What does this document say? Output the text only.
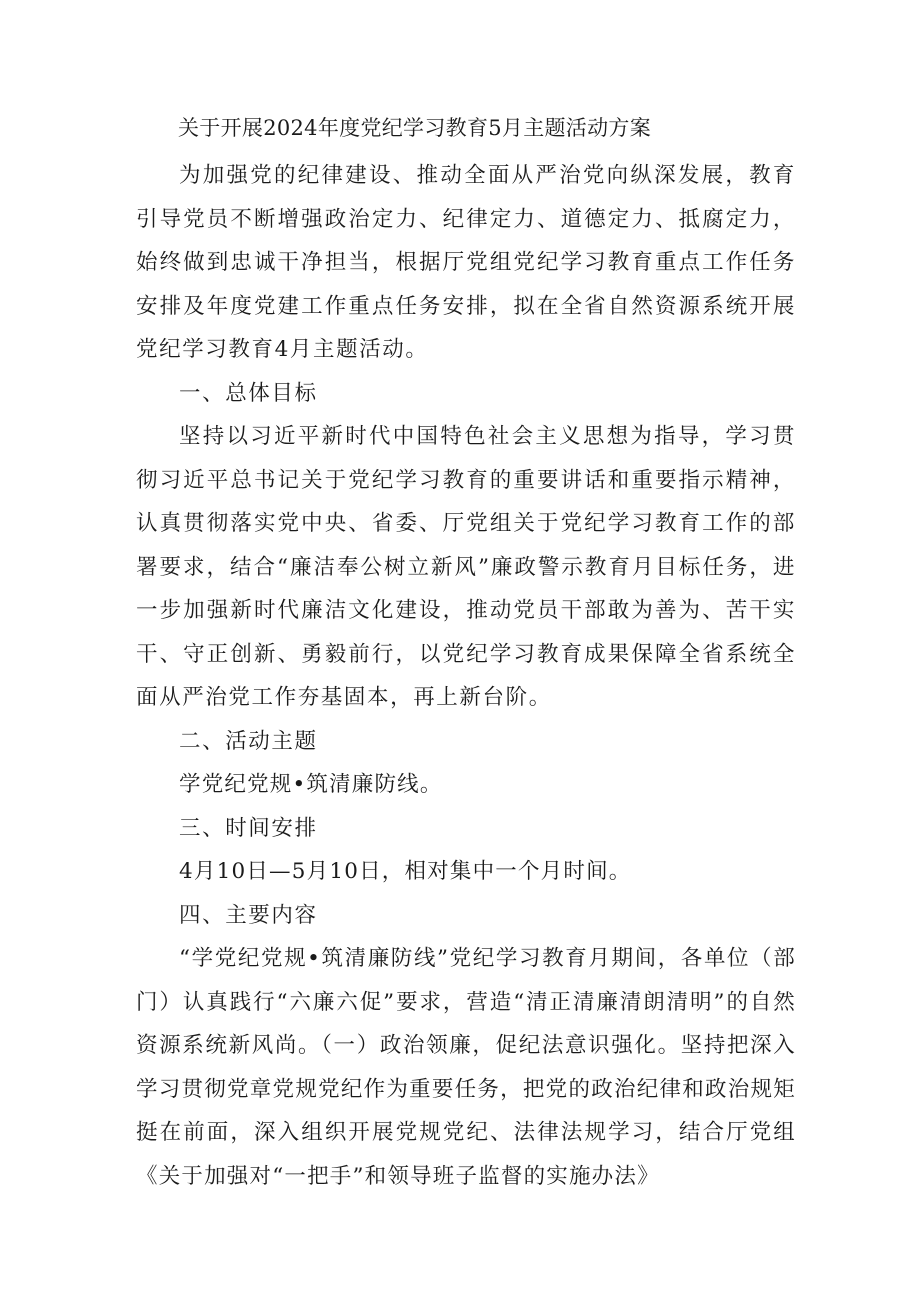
关于开展2024年度党纪学习教育5月主题活动方案

为加强党的纪律建设、推动全面从严治党向纵深发展，教育引导党员不断增强政治定力、纪律定力、道德定力、抵腐定力，始终做到忠诚干净担当，根据厅党组党纪学习教育重点工作任务安排及年度党建工作重点任务安排，拟在全省自然资源系统开展党纪学习教育4月主题活动。

一、总体目标

坚持以习近平新时代中国特色社会主义思想为指导，学习贯彻习近平总书记关于党纪学习教育的重要讲话和重要指示精神，认真贯彻落实党中央、省委、厅党组关于党纪学习教育工作的部署要求，结合“廉洁奉公树立新风”廉政警示教育月目标任务，进一步加强新时代廉洁文化建设，推动党员干部敢为善为、苦干实干、守正创新、勇毅前行，以党纪学习教育成果保障全省系统全面从严治党工作夯基固本，再上新台阶。

二、活动主题

学党纪党规•筑清廉防线。

三、时间安排

4月10日—5月10日，相对集中一个月时间。

四、主要内容

“学党纪党规•筑清廉防线”党纪学习教育月期间，各单位（部门）认真践行“六廉六促”要求，营造“清正清廉清朗清明”的自然资源系统新风尚。（一）政治领廉，促纪法意识强化。坚持把深入学习贯彻党章党规党纪作为重要任务，把党的政治纪律和政治规矩挺在前面，深入组织开展党规党纪、法律法规学习，结合厅党组《关于加强对“一把手”和领导班子监督的实施办法》
